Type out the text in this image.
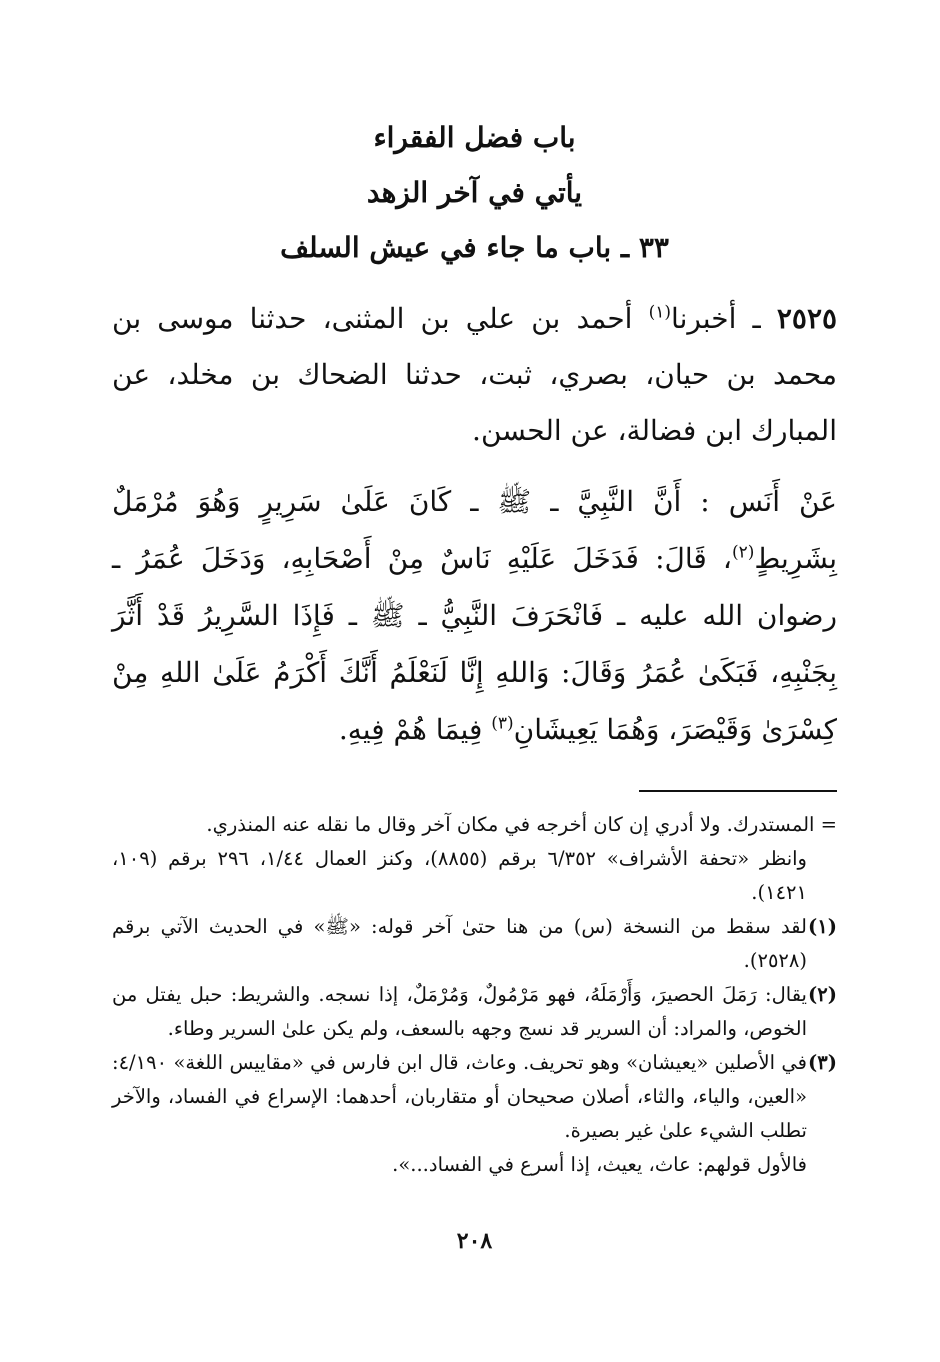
باب فضل الفقراء
يأتي في آخر الزهد
٣٣ ـ باب ما جاء في عيش السلف
٢٥٢٥ ـ أخبرنا$^{(١)}$ أحمد بن علي بن المثنى، حدثنا موسى بن محمد بن حيان، بصري، ثبت، حدثنا الضحاك بن مخلد، عن المبارك ابن فضالة، عن الحسن.
عَنْ أَنَس : أَنَّ النَّبِيَّ ـ ﷺ ـ كَانَ عَلَىٰ سَرِيرٍ وَهُوَ مُرْمَلٌ بِشَرِيطٍ$^{(٢)}$، قَالَ: فَدَخَلَ عَلَيْهِ نَاسٌ مِنْ أَصْحَابِهِ، وَدَخَلَ عُمَرُ ـ رضوان الله عليه ـ فَانْحَرَفَ النَّبِيُّ ـ ﷺ ـ فَإِذَا السَّرِيرُ قَدْ أَثَّرَ بِجَنْبِهِ، فَبَكَىٰ عُمَرُ وَقَالَ: وَاللهِ إِنَّا لَنَعْلَمُ أَنَّكَ أَكْرَمُ عَلَىٰ اللهِ مِنْ كِسْرَىٰ وَقَيْصَرَ، وَهُمَا يَعِيشَانِ$^{(٣)}$ فِيمَا هُمْ فِيهِ.
= المستدرك. ولا أدري إن كان أخرجه في مكان آخر وقال ما نقله عنه المنذري.
وانظر «تحفة الأشراف» ٦/٣٥٢ برقم (٨٨٥٥)، وكنز العمال ١/٤٤، ٢٩٦ برقم (١٠٩، ١٤٢١).
(١)لقد سقط من النسخة (س) من هنا حتىٰ آخر قوله: «ﷺ» في الحديث الآتي برقم (٢٥٢٨).
(٢)يقال: رَمَلَ الحصيرَ، وَأَرْمَلَهُ، فهو مَرْمُولٌ، وَمُرْمَلٌ، إذا نسجه. والشريط: حبل يفتل من الخوص، والمراد: أن السرير قد نسج وجهه بالسعف، ولم يكن علىٰ السرير وطاء.
(٣)في الأصلين «يعيشان» وهو تحريف. وعاث، قال ابن فارس في «مقاييس اللغة» ٤/١٩٠: «العين، والياء، والثاء، أصلان صحيحان أو متقاربان، أحدهما: الإسراع في الفساد، والآخر تطلب الشيء علىٰ غير بصيرة.
فالأول قولهم: عاث، يعيث، إذا أسرع في الفساد...».
٢٠٨
